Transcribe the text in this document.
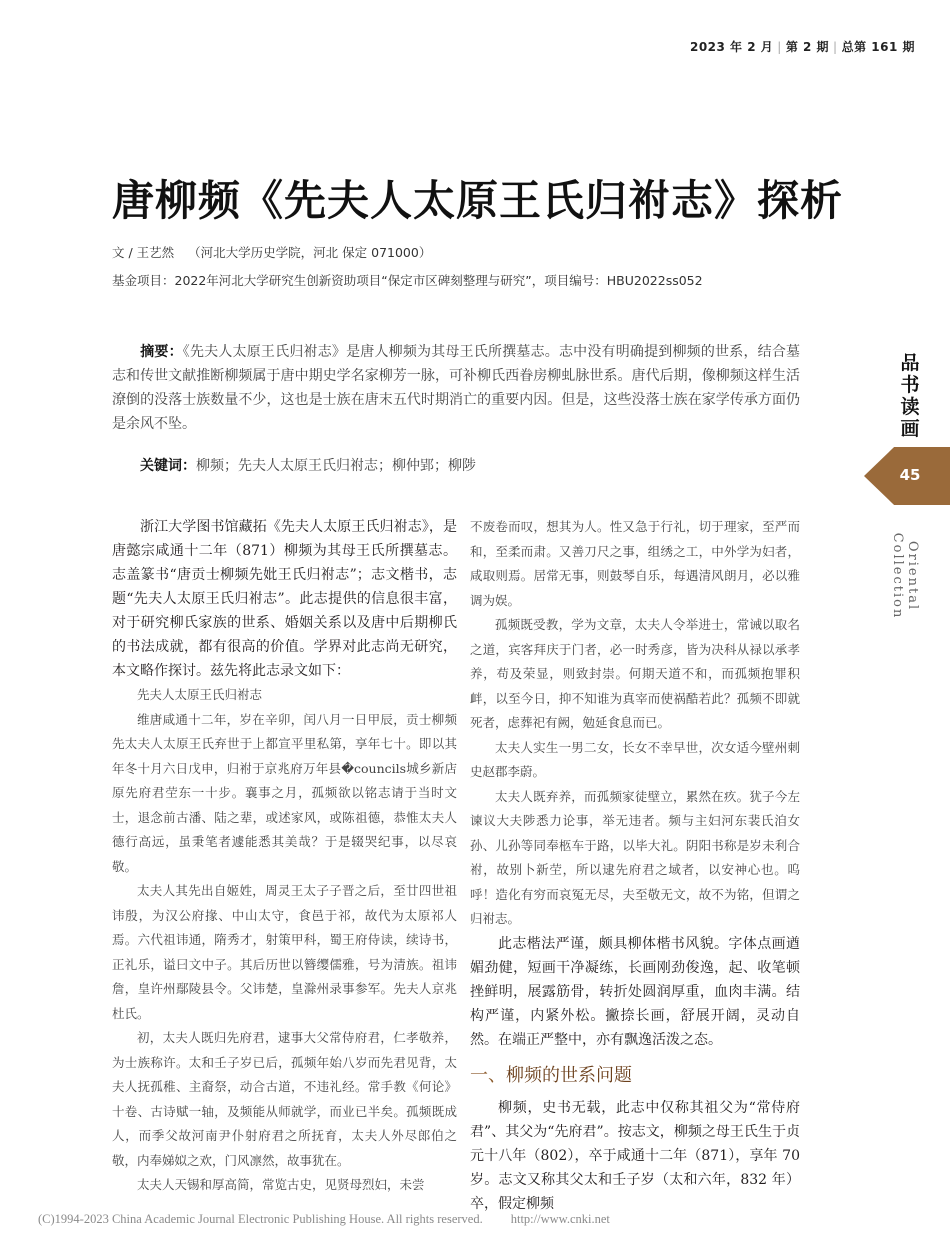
2023 年 2 月 | 第 2 期 | 总第 161 期
唐柳频《先夫人太原王氏归祔志》探析
文 / 王艺然 （河北大学历史学院，河北 保定 071000）
基金项目：2022年河北大学研究生创新资助项目“保定市区碑刻整理与研究”，项目编号：HBU2022ss052

摘要：《先夫人太原王氏归祔志》是唐人柳频为其母王氏所撰墓志。志中没有明确提到柳频的世系，结合墓志和传世文献推断柳频属于唐中期史学名家柳芳一脉，可补柳氏西眷房柳虬脉世系。唐代后期，像柳频这样生活潦倒的没落士族数量不少，这也是士族在唐末五代时期消亡的重要内因。但是，这些没落士族在家学传承方面仍是余风不坠。

关键词：柳频；先夫人太原王氏归祔志；柳仲郢；柳陟

浙江大学图书馆藏拓《先夫人太原王氏归祔志》，是唐懿宗咸通十二年（871）柳频为其母王氏所撰墓志。志盖篆书“唐贡士柳频先妣王氏归祔志”；志文楷书，志题“先夫人太原王氏归祔志”。此志提供的信息很丰富，对于研究柳氏家族的世系、婚姻关系以及唐中后期柳氏的书法成就，都有很高的价值。学界对此志尚无研究，本文略作探讨。兹先将此志录文如下：

先夫人太原王氏归祔志

维唐咸通十二年，岁在辛卯，闰八月一日甲辰，贡士柳频先太夫人太原王氏弃世于上都宣平里私第，享年七十。即以其年冬十月六日戊申，归祔于京兆府万年县�councils城乡新店原先府君茔东一十步。襄事之月，孤频欲以铭志请于当时文士，退念前古潘、陆之辈，或述家风，或陈祖德，恭惟太夫人德行高远，虽秉笔者遽能悉其美哉？于是辍哭纪事，以尽哀敬。

太夫人其先出自姬姓，周灵王太子子晋之后，至廿四世祖讳殷，为汉公府掾、中山太守，食邑于祁，故代为太原祁人焉。六代祖讳通，隋秀才，射策甲科，蜀王府侍读，续诗书，正礼乐，谥曰文中子。其后历世以簪缨儒雅，号为清族。祖讳詹，皇许州鄢陵县令。父讳楚，皇滁州录事参军。先夫人京兆杜氏。

初，太夫人既归先府君，逮事大父常侍府君，仁孝敬养，为士族称许。太和壬子岁已后，孤频年始八岁而先君见背，太夫人抚孤稚、主裔祭，动合古道，不违礼经。常手教《何论》十卷、古诗赋一轴，及频能从师就学，而业已半矣。孤频既成人，而季父故河南尹仆射府君之所抚育，太夫人外尽郎伯之敬，内奉娣姒之欢，门风凛然，故事犹在。

太夫人天锡和厚高简，常览古史，见贤母烈妇，未尝

不废卷而叹，想其为人。性又急于行礼，切于理家，至严而和，至柔而肃。又善刀尺之事，组绣之工，中外学为妇者，咸取则焉。居常无事，则鼓琴自乐，每遇清风朗月，必以雅调为娱。

孤频既受教，学为文章，太夫人令举进士，常诫以取名之道，宾客拜庆于门者，必一时秀彦，皆为决科从禄以承孝养，苟及荣显，则致封崇。何期天道不和，而孤频抱罪积衅，以至今日，抑不知谁为真宰而使祸酷若此？孤频不即就死者，虑葬祀有阙，勉延食息而已。

太夫人实生一男二女，长女不幸早世，次女适今壁州刺史赵郡李蔚。

太夫人既弃养，而孤频家徒壁立，累然在疚。犹子今左谏议大夫陟悉力论事，举无违者。频与主妇河东裴氏洎女孙、儿孙等同奉柩车于路，以毕大礼。阴阳书称是岁未利合祔，故别卜新茔，所以逮先府君之域者，以安神心也。呜呼！造化有穷而哀冤无尽，夫至敬无文，故不为铭，但谓之归祔志。

此志楷法严谨，颇具柳体楷书风貌。字体点画遒媚劲健，短画干净凝练，长画刚劲俊逸，起、收笔顿挫鲜明，展露筋骨，转折处圆润厚重，血肉丰满。结构严谨，内紧外松。撇捺长画，舒展开阔，灵动自然。在端正严整中，亦有飘逸活泼之态。

一、柳频的世系问题

柳频，史书无载，此志中仅称其祖父为“常侍府君”、其父为“先府君”。按志文，柳频之母王氏生于贞元十八年（802），卒于咸通十二年（871），享年 70 岁。志文又称其父太和壬子岁（太和六年，832 年）卒，假定柳频

品书读画
45
Oriental Collection
(C)1994-2023 China Academic Journal Electronic Publishing House. All rights reserved. http://www.cnki.net
